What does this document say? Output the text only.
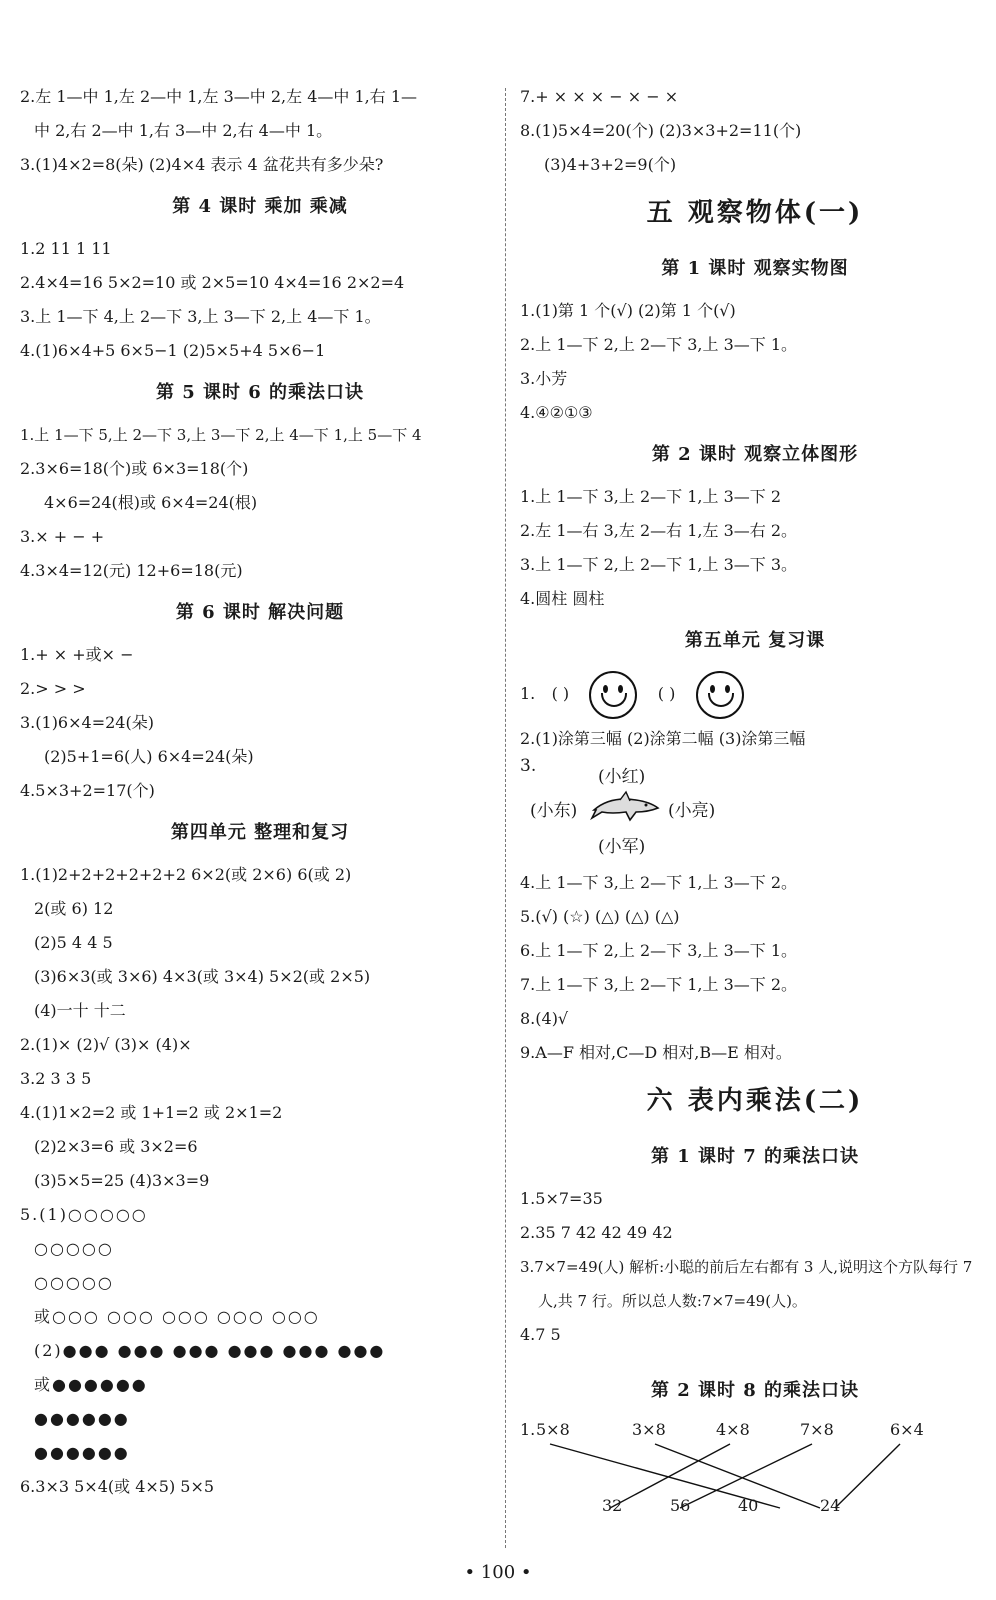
2.左 1—中 1,左 2—中 1,左 3—中 2,左 4—中 1,右 1—
中 2,右 2—中 1,右 3—中 2,右 4—中 1。
3.(1)4×2=8(朵) (2)4×4 表示 4 盆花共有多少朵?
第 4 课时 乘加 乘减
1.2 11 1 11
2.4×4=16 5×2=10 或 2×5=10 4×4=16 2×2=4
3.上 1—下 4,上 2—下 3,上 3—下 2,上 4—下 1。
4.(1)6×4+5 6×5−1 (2)5×5+4 5×6−1
第 5 课时 6 的乘法口诀
1.上 1—下 5,上 2—下 3,上 3—下 2,上 4—下 1,上 5—下 4
2.3×6=18(个)或 6×3=18(个)
4×6=24(根)或 6×4=24(根)
3.× + − +
4.3×4=12(元) 12+6=18(元)
第 6 课时 解决问题
1.+ × +或× −
2.> > >
3.(1)6×4=24(朵)
(2)5+1=6(人) 6×4=24(朵)
4.5×3+2=17(个)
第四单元 整理和复习
1.(1)2+2+2+2+2+2 6×2(或 2×6) 6(或 2)
2(或 6) 12
(2)5 4 4 5
(3)6×3(或 3×6) 4×3(或 3×4) 5×2(或 2×5)
(4)一十 十二
2.(1)× (2)√ (3)× (4)×
3.2 3 3 5
4.(1)1×2=2 或 1+1=2 或 2×1=2
(2)2×3=6 或 3×2=6
(3)5×5=25 (4)3×3=9
5.(1)○○○○○
○○○○○
○○○○○
或○○○ ○○○ ○○○ ○○○ ○○○
(2)●●● ●●● ●●● ●●● ●●● ●●●
或●●●●●●
●●●●●●
●●●●●●
6.3×3 5×4(或 4×5) 5×5
7.+ × × × − × − ×
8.(1)5×4=20(个) (2)3×3+2=11(个)
(3)4+3+2=9(个)
五 观察物体(一)
第 1 课时 观察实物图
1.(1)第 1 个(√) (2)第 1 个(√)
2.上 1—下 2,上 2—下 3,上 3—下 1。
3.小芳
4.④②①③
第 2 课时 观察立体图形
1.上 1—下 3,上 2—下 1,上 3—下 2
2.左 1—右 3,左 2—右 1,左 3—右 2。
3.上 1—下 2,上 2—下 1,上 3—下 3。
4.圆柱 圆柱
第五单元 复习课
1. ( )	( )
2.(1)涂第三幅 (2)涂第二幅 (3)涂第三幅
3.
(小红)
(小东)	(小亮)
(小军)
4.上 1—下 3,上 2—下 1,上 3—下 2。
5.(√) (☆) (△) (△) (△)
6.上 1—下 2,上 2—下 3,上 3—下 1。
7.上 1—下 3,上 2—下 1,上 3—下 2。
8.(4)√
9.A—F 相对,C—D 相对,B—E 相对。
六 表内乘法(二)
第 1 课时 7 的乘法口诀
1.5×7=35
2.35 7 42 42 49 42
3.7×7=49(人) 解析:小聪的前后左右都有 3 人,说明这个方队每行 7 人,共 7 行。所以总人数:7×7=49(人)。
4.7 5
第 2 课时 8 的乘法口诀
1. 5×8	3×8	4×8	7×8	6×4
32	56	40	24
• 100 •
